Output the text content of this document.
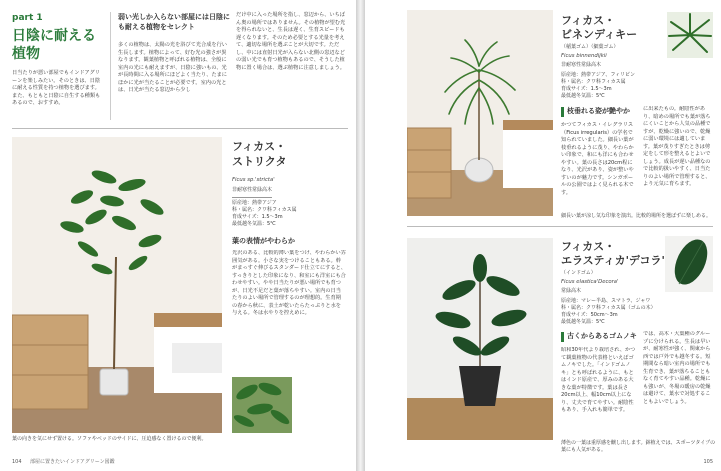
part 1
日陰に耐える
植物
日当たりが悪い部屋でもインドアグリーンを楽しみたい。そのときは、日陰に耐える性質を持つ植物を選びます。また、もともと日陰に自生する種類もあるので、おすすめ。
弱い光しか入らない部屋には日陰にも耐える植物をセレクト
多くの植物は、太陽の光を浴びて光合成を行い生長します。植物によって、好む光の強さが異なります。観葉植物と呼ばれる植物は、全般に室内の光にも耐えますが、日陰に強いもの、光が長時間に入る場所にほどよく当たり、たまにほかに光が当たることが必要です。室内の光とは、日光が当たる窓辺から少し
だけ中に入った場所を指し、窓辺から、いちばん奥の場所ではありません。その植物が望む光を得られないと、生長は遅く、生育スピードも遅くなります。そのため必要とする光量を考えて、適切な場所を選ぶことが大切です。ただし、中には直射日光が入らない北側の窓辺などの弱い光でも育つ植物もあるので、そうした植物に置く場合は、選ぶ植物に注意しましょう。
フィカス・
ストリクタ
Ficus sp.'stricta'
非耐寒性常緑高木
原産地：熱帯アジア
科・属名：クワ科フィカス属
育成サイズ：1.5〜3m
最低越冬気温：5℃
葉の表情がやわらか
光沢のある、比較的薄い葉をつけ、やわらかい雰囲気がある。小さな実をつけることもある。幹がまっすぐ伸びるスタンダード仕立てにすると、すっきりとした印象になり、和室にも洋室にも合わせやすい。やや日当たりが悪い場所でも育つが、日光不足だと葉が落ちやすい。室内の日当たりのよい場所で管理するのが理想的。生育期の春から秋に、表土が乾いたらたっぷりと水を与える。冬は水やりを控えめに。
葉の向きを気にせず置ける。ソファやベッドのサイドに、圧迫感なく置けるので便利。
104 部屋に置きたいインドアグリーン図鑑
フィカス・
ビネンディキー
（稲葉ゴム）（細葉ゴム）
Ficus binnendijkii
非耐寒性常緑高木
原産地：熱帯アジア、フィリピン
科・属名：クワ科フィカス属
育成サイズ：1.5〜3m
最低越冬気温：5℃
枝垂れる姿が艶やか
かつてフィカス・イレグラリス（Ficus irregularis）の学名で知られていました。細長い葉が枝垂れるように茂り、やわらかい印象で、和にも洋にも合わせやすい。葉の長さは20cm程になり、光沢があり、姿が整いやすいのが魅力です。シンガポールの公園ではよく見られる木です。
に出来たもの。耐陰性があり、暗めの場所でも葉が落ちにくいことから人気の品種ですが、乾燥に強いので、乾燥に弱い環境には適しています。葉が茂りすぎたときは剪定をして形を整えるとよいでしょう。成長が遅い品種なので比較的扱いやすく、日当たりのよい場所で管理すると、より元気に育ちます。
細長い葉が涼し気な印象を演出。比較的場所を選ばずに楽しめる。
フィカス・
エラスティカ'デコラ'
（インドゴム）
Ficus elastica'Decora'
常緑高木
原産地：マレー半島、スマトラ、ジャワ
科・属名：クワ科フィカス属（ゴムの木）
育成サイズ：50cm〜3m
最低越冬気温：5℃
古くからあるゴムノキ
昭和30年代より栽培され、かつて観葉植物の代表格といえばゴムノキでした。「インドゴムノキ」とも呼ばれるように、もとはインド原産で、厚みのある大きな葉が特徴です。葉は長さ20cm以上、幅10cm以上になり、丈夫で育てやすい。耐陰性もあり、手入れも簡単です。
では、高木・大葉種のグループに分けられる。生長は早いが、耐寒性が強く、関東から西では戸外でも越冬する。短期間なら暗い室内の場所でも生育でき、葉が落ちることもなく育てやすい品種。乾燥にも強いが、冬場の暖房の乾燥は避けて、葉水で対処することもよいでしょう。
薄色の一葉は重厚感を醸し出します。鉢植えでは、スポーツタイプの葉にも人気がある。
105
